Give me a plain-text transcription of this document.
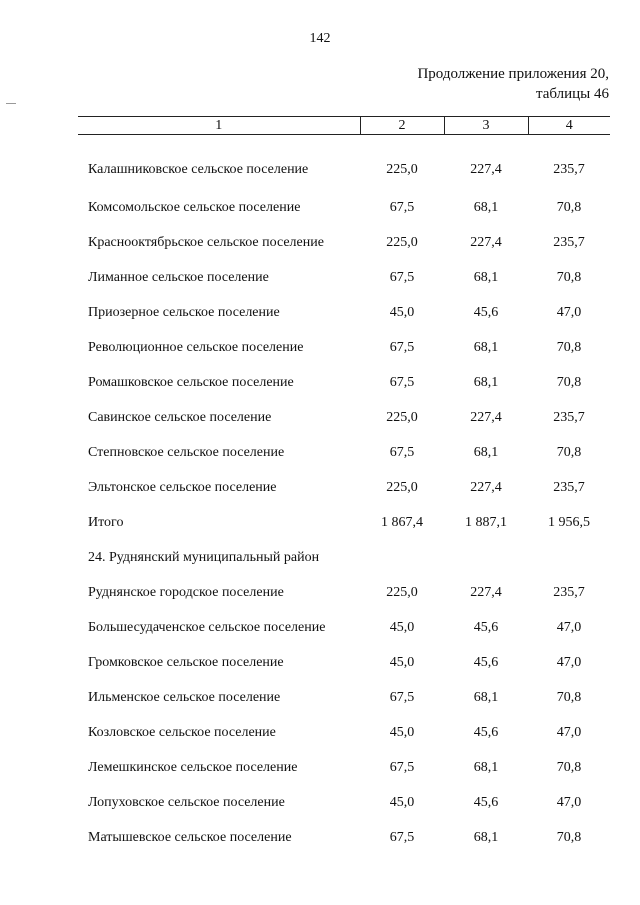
142
Продолжение приложения 20,
таблицы 46
1	2	3	4
Калашниковское сельское поселение	225,0	227,4	235,7
Комсомольское сельское поселение	67,5	68,1	70,8
Краснооктябрьское сельское поселение	225,0	227,4	235,7
Лиманное сельское поселение	67,5	68,1	70,8
Приозерное сельское поселение	45,0	45,6	47,0
Революционное сельское поселение	67,5	68,1	70,8
Ромашковское сельское поселение	67,5	68,1	70,8
Савинское сельское поселение	225,0	227,4	235,7
Степновское сельское поселение	67,5	68,1	70,8
Эльтонское сельское поселение	225,0	227,4	235,7
Итого	1 867,4	1 887,1	1 956,5
24. Руднянский муниципальный район			
Руднянское городское поселение	225,0	227,4	235,7
Большесудаченское сельское поселение	45,0	45,6	47,0
Громковское сельское поселение	45,0	45,6	47,0
Ильменское сельское поселение	67,5	68,1	70,8
Козловское сельское поселение	45,0	45,6	47,0
Лемешкинское сельское поселение	67,5	68,1	70,8
Лопуховское сельское поселение	45,0	45,6	47,0
Матышевское сельское поселение	67,5	68,1	70,8
